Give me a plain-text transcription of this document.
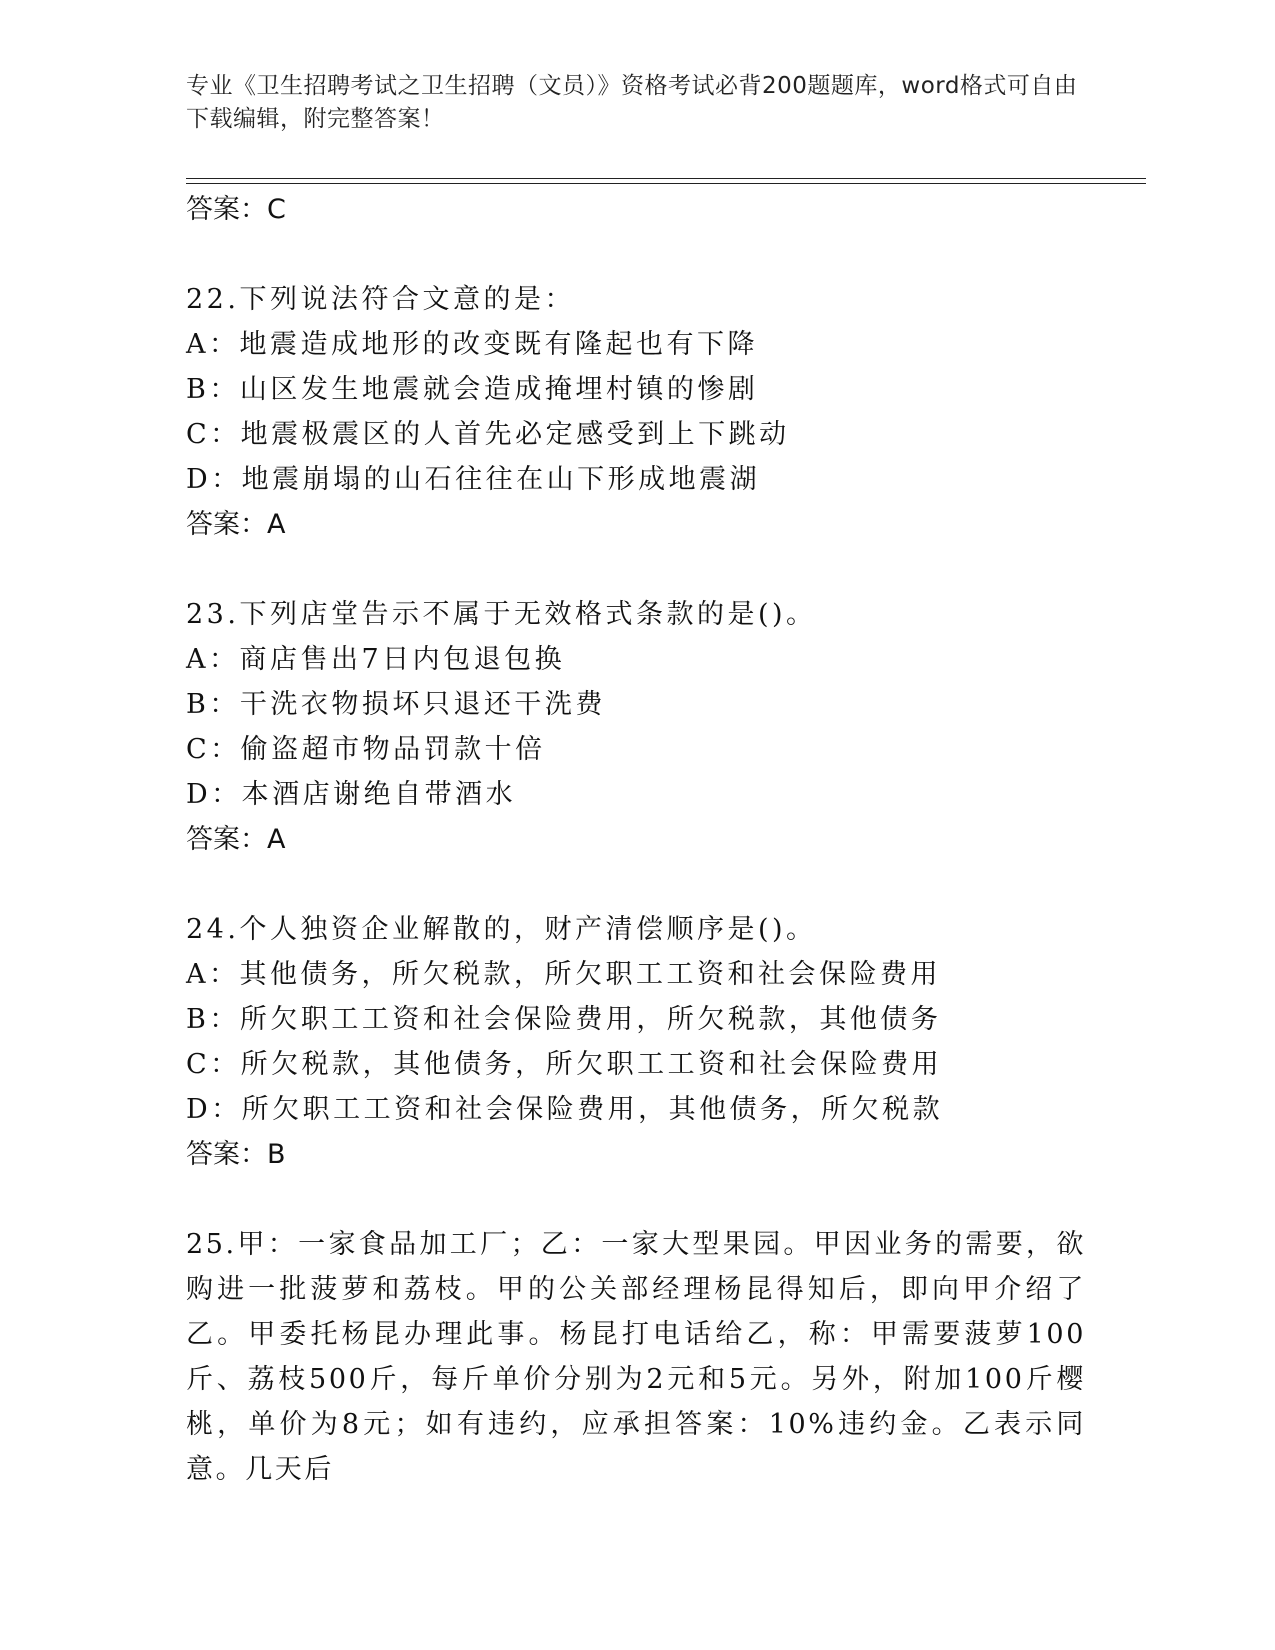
专业《卫生招聘考试之卫生招聘（文员）》资格考试必背200题题库，word格式可自由下载编辑，附完整答案！
答案：C
22.下列说法符合文意的是：
A：地震造成地形的改变既有隆起也有下降
B：山区发生地震就会造成掩埋村镇的惨剧
C：地震极震区的人首先必定感受到上下跳动
D：地震崩塌的山石往往在山下形成地震湖
答案：A
23.下列店堂告示不属于无效格式条款的是()。
A：商店售出7日内包退包换
B：干洗衣物损坏只退还干洗费
C：偷盗超市物品罚款十倍
D：本酒店谢绝自带酒水
答案：A
24.个人独资企业解散的，财产清偿顺序是()。
A：其他债务，所欠税款，所欠职工工资和社会保险费用
B：所欠职工工资和社会保险费用，所欠税款，其他债务
C：所欠税款，其他债务，所欠职工工资和社会保险费用
D：所欠职工工资和社会保险费用，其他债务，所欠税款
答案：B
25.甲：一家食品加工厂；乙：一家大型果园。甲因业务的需要，欲购进一批菠萝和荔枝。甲的公关部经理杨昆得知后，即向甲介绍了乙。甲委托杨昆办理此事。杨昆打电话给乙，称：甲需要菠萝100斤、荔枝500斤，每斤单价分别为2元和5元。另外，附加100斤樱桃，单价为8元；如有违约，应承担答案：10%违约金。乙表示同意。几天后
